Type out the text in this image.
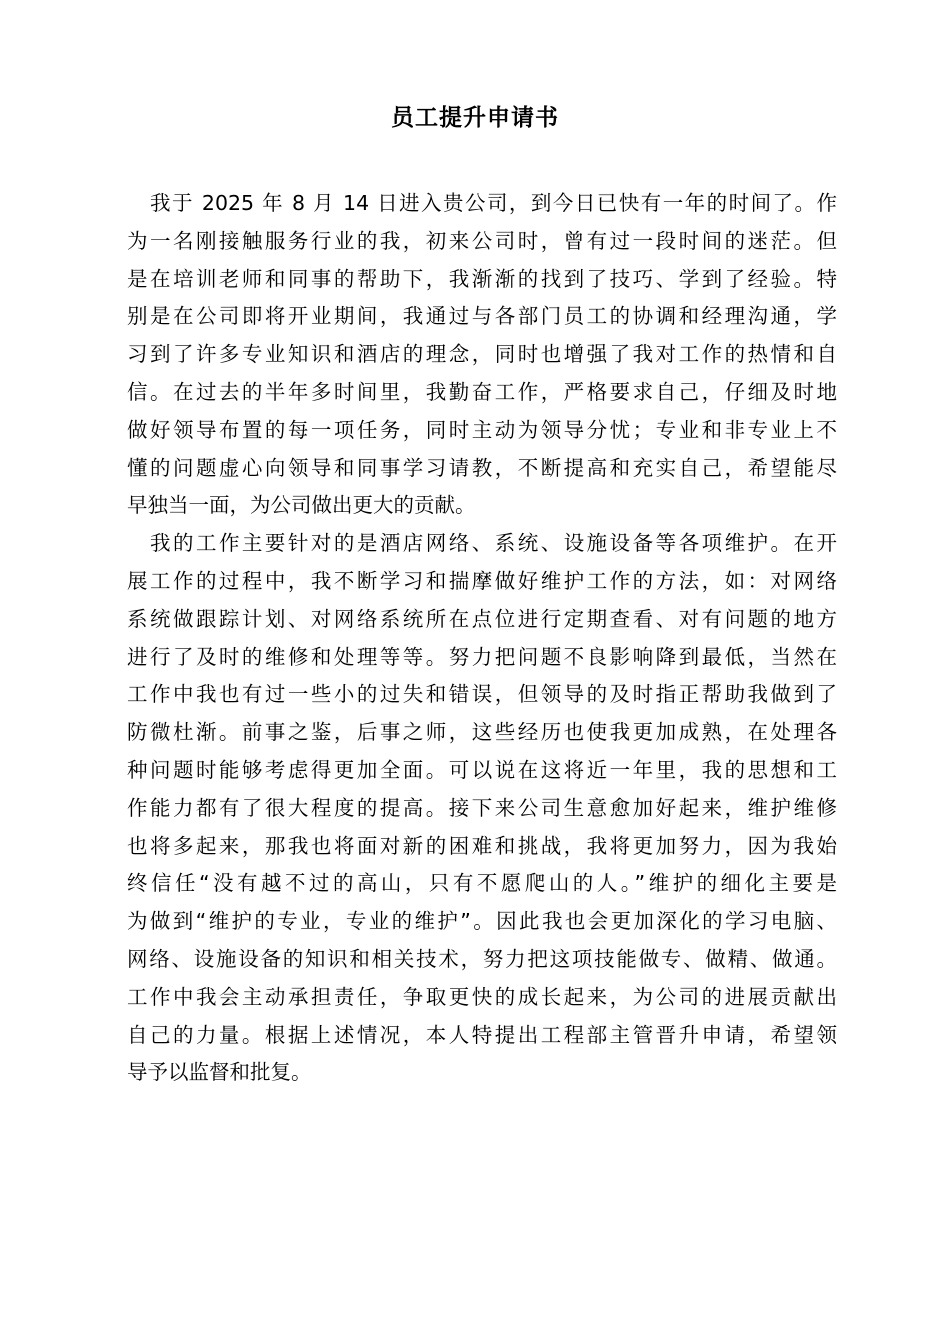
员工提升申请书
我于 2025 年 8 月 14 日进入贵公司，到今日已快有一年的时间了。作
为一名刚接触服务行业的我，初来公司时，曾有过一段时间的迷茫。但
是在培训老师和同事的帮助下，我渐渐的找到了技巧、学到了经验。特
别是在公司即将开业期间，我通过与各部门员工的协调和经理沟通，学
习到了许多专业知识和酒店的理念，同时也增强了我对工作的热情和自
信。在过去的半年多时间里，我勤奋工作，严格要求自己，仔细及时地
做好领导布置的每一项任务，同时主动为领导分忧；专业和非专业上不
懂的问题虚心向领导和同事学习请教，不断提高和充实自己，希望能尽
早独当一面，为公司做出更大的贡献。
我的工作主要针对的是酒店网络、系统、设施设备等各项维护。在开
展工作的过程中，我不断学习和揣摩做好维护工作的方法，如：对网络
系统做跟踪计划、对网络系统所在点位进行定期查看、对有问题的地方
进行了及时的维修和处理等等。努力把问题不良影响降到最低，当然在
工作中我也有过一些小的过失和错误，但领导的及时指正帮助我做到了
防微杜渐。前事之鉴，后事之师，这些经历也使我更加成熟，在处理各
种问题时能够考虑得更加全面。可以说在这将近一年里，我的思想和工
作能力都有了很大程度的提高。接下来公司生意愈加好起来，维护维修
也将多起来，那我也将面对新的困难和挑战，我将更加努力，因为我始
终信任“没有越不过的高山，只有不愿爬山的人。”维护的细化主要是
为做到“维护的专业，专业的维护”。因此我也会更加深化的学习电脑、
网络、设施设备的知识和相关技术，努力把这项技能做专、做精、做通。
工作中我会主动承担责任，争取更快的成长起来，为公司的进展贡献出
自己的力量。根据上述情况，本人特提出工程部主管晋升申请，希望领
导予以监督和批复。
